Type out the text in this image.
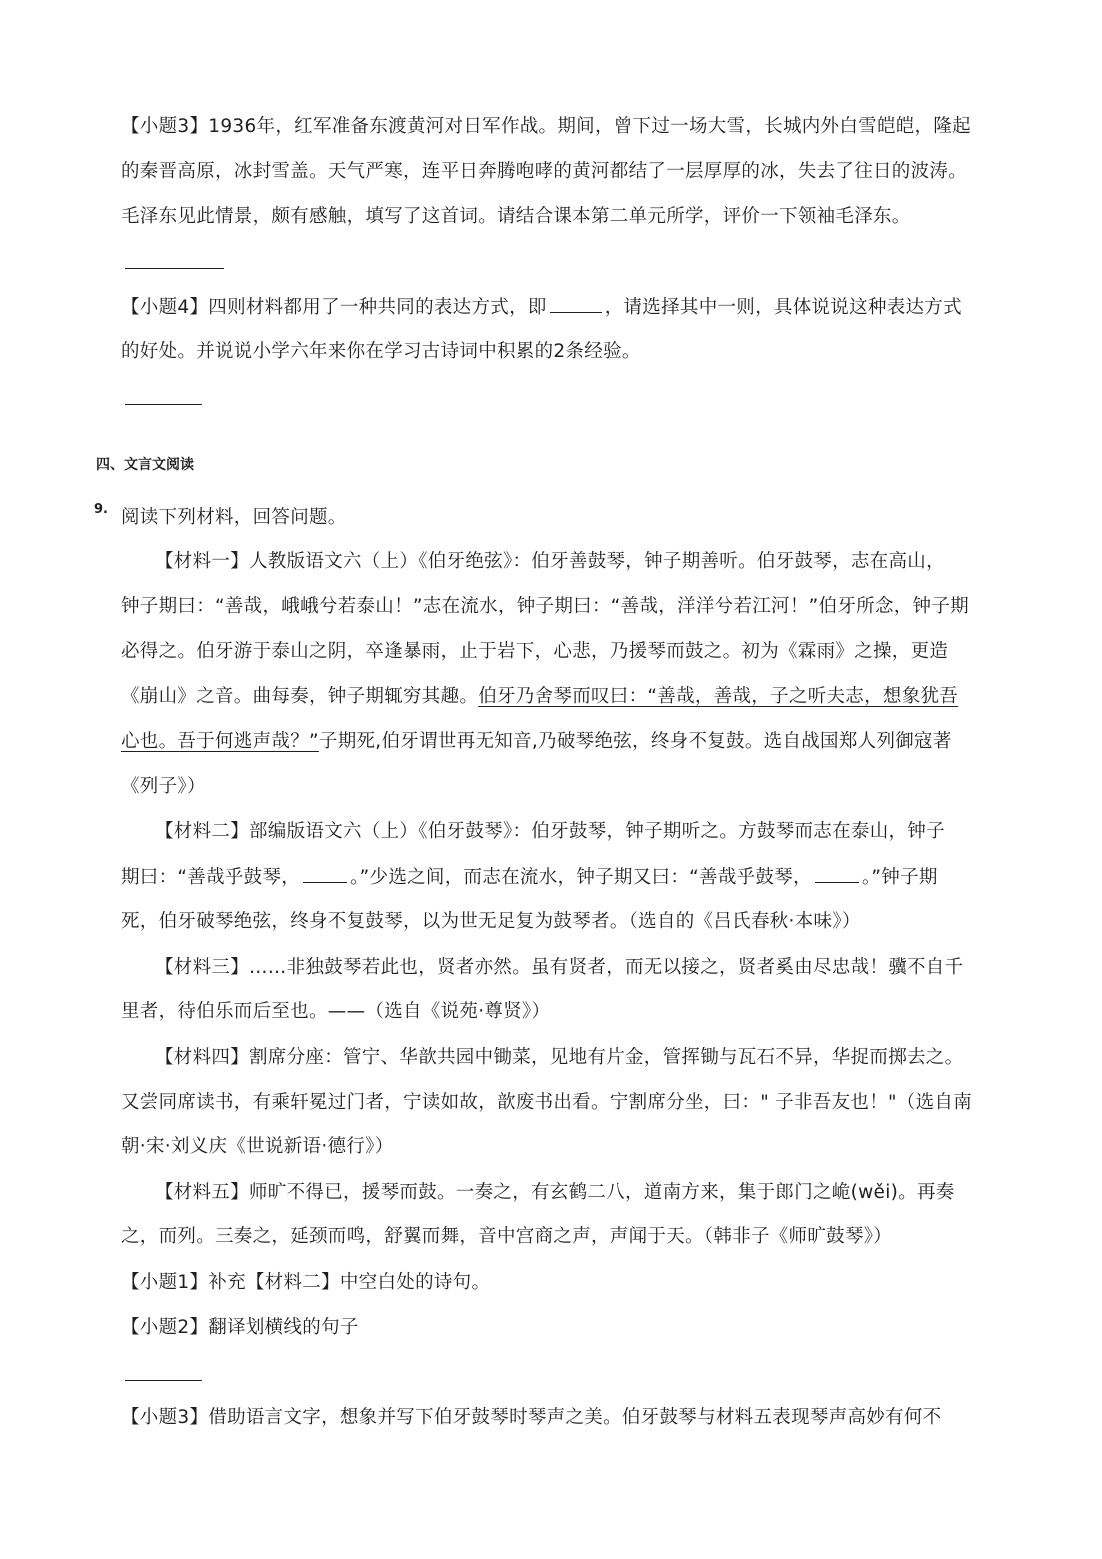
【小题3】1936年，红军准备东渡黄河对日军作战。期间，曾下过一场大雪，长城内外白雪皑皑，隆起
的秦晋高原，冰封雪盖。天气严寒，连平日奔腾咆哮的黄河都结了一层厚厚的冰，失去了往日的波涛。
毛泽东见此情景，颇有感触，填写了这首词。请结合课本第二单元所学，评价一下领袖毛泽东。
【小题4】四则材料都用了一种共同的表达方式，即	，请选择其中一则，具体说说这种表达方式
的好处。并说说小学六年来你在学习古诗词中积累的2条经验。
四、文言文阅读
9. 阅读下列材料，回答问题。
【材料一】人教版语文六（上）《伯牙绝弦》：伯牙善鼓琴，钟子期善听。伯牙鼓琴，志在高山，
钟子期曰：“善哉，峨峨兮若泰山！”志在流水，钟子期曰：“善哉，洋洋兮若江河！”伯牙所念，钟子期
必得之。伯牙游于泰山之阴，卒逢暴雨，止于岩下，心悲，乃援琴而鼓之。初为《霖雨》之操，更造
《崩山》之音。曲每奏，钟子期辄穷其趣。伯牙乃舍琴而叹曰：“善哉，善哉，子之听夫志，想象犹吾
心也。吾于何逃声哉？”子期死,伯牙谓世再无知音,乃破琴绝弦，终身不复鼓。选自战国郑人列御寇著
《列子》）
【材料二】部编版语文六（上）《伯牙鼓琴》：伯牙鼓琴，钟子期听之。方鼓琴而志在泰山，钟子
期曰：“善哉乎鼓琴，	。”少选之间，而志在流水，钟子期又曰：“善哉乎鼓琴，	。”钟子期
死，伯牙破琴绝弦，终身不复鼓琴，以为世无足复为鼓琴者。（选自的《吕氏春秋·本味》）
【材料三】……非独鼓琴若此也，贤者亦然。虽有贤者，而无以接之，贤者奚由尽忠哉！骥不自千
里者，待伯乐而后至也。——（选自《说苑·尊贤》）
【材料四】割席分座：管宁、华歆共园中锄菜，见地有片金，管挥锄与瓦石不异，华捉而掷去之。
又尝同席读书，有乘轩冕过门者，宁读如故，歆废书出看。宁割席分坐，曰：" 子非吾友也！"（选自南
朝·宋·刘义庆《世说新语·德行》）
【材料五】师旷不得已，援琴而鼓。一奏之，有玄鹤二八，道南方来，集于郎门之峗(wěi)。再奏
之，而列。三奏之，延颈而鸣，舒翼而舞，音中宫商之声，声闻于天。（韩非子《师旷鼓琴》）
【小题1】补充【材料二】中空白处的诗句。
【小题2】翻译划横线的句子
【小题3】借助语言文字，想象并写下伯牙鼓琴时琴声之美。伯牙鼓琴与材料五表现琴声高妙有何不
